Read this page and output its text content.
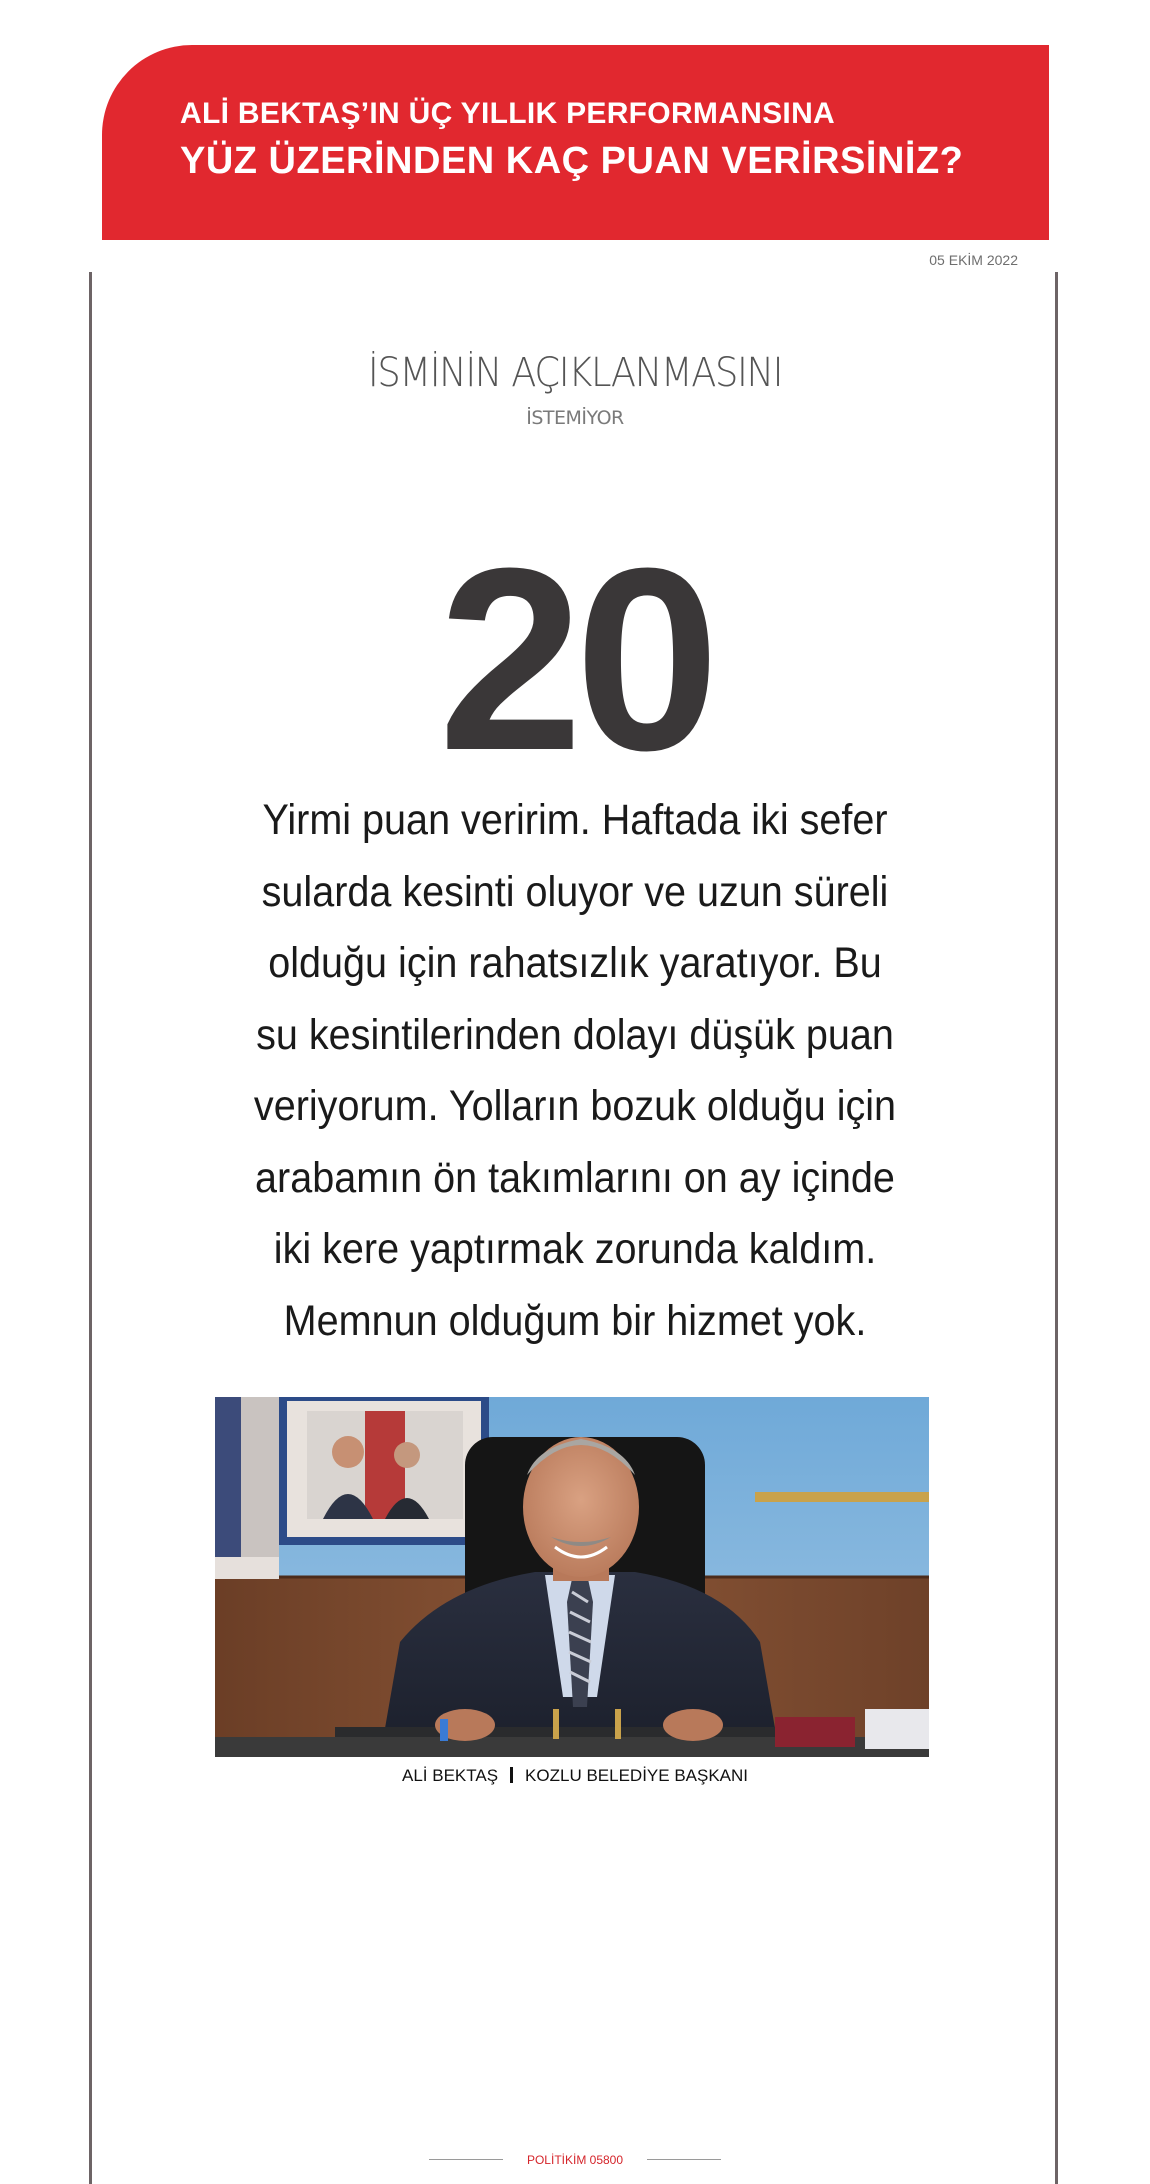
ALİ BEKTAŞ’IN ÜÇ YILLIK PERFORMANSINA
YÜZ ÜZERİNDEN KAÇ PUAN VERİRSİNİZ?
05 EKİM 2022
İSMİNİN AÇIKLANMASINI
İSTEMİYOR
20
Yirmi puan veririm. Haftada iki sefer
sularda kesinti oluyor ve uzun süreli
olduğu için rahatsızlık yaratıyor. Bu
su kesintilerinden dolayı düşük puan
veriyorum. Yolların bozuk olduğu için
arabamın ön takımlarını on ay içinde
iki kere yaptırmak zorunda kaldım.
Memnun olduğum bir hizmet yok.
ALİ BEKTAŞ KOZLU BELEDİYE BAŞKANI
POLİTİKİM 05800
